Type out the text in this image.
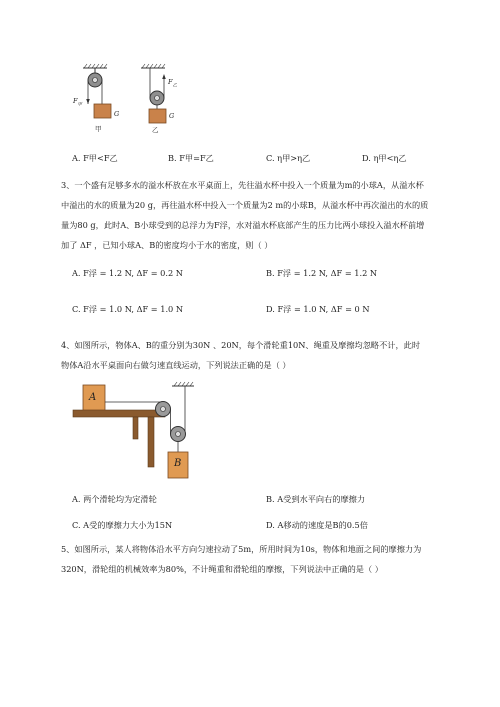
$F_甲$
G
甲
$F_乙$
G
乙
A. F甲<F乙	B. F甲=F乙	C. η甲>η乙	D. η甲<η乙
3、一个盛有足够多水的溢水杯放在水平桌面上，先往溢水杯中投入一个质量为m的小球A，从溢水杯
中溢出的水的质量为20 g，再往溢水杯中投入一个质量为2 m的小球B，从溢水杯中再次溢出的水的质
量为80 g，此时A、B小球受到的总浮力为F浮，水对溢水杯底部产生的压力比两小球投入溢水杯前增
加了 ΔF ，已知小球A、B的密度均小于水的密度，则（ ）
A. F浮 = 1.2 N, ΔF = 0.2 N	B. F浮 = 1.2 N, ΔF = 1.2 N
C. F浮 = 1.0 N, ΔF = 1.0 N	D. F浮 = 1.0 N, ΔF = 0 N
4、如图所示，物体A、B的重分别为30N 、20N，每个滑轮重10N、绳重及摩擦均忽略不计，此时
物体A沿水平桌面向右做匀速直线运动，下列说法正确的是（ ）
A
B
A. 两个滑轮均为定滑轮	B. A受到水平向右的摩擦力
C. A受的摩擦力大小为15N	D. A移动的速度是B的0.5倍
5、如图所示，某人将物体沿水平方向匀速拉动了5m，所用时间为10s，物体和地面之间的摩擦力为
320N，滑轮组的机械效率为80%，不计绳重和滑轮组的摩擦，下列说法中正确的是（ ）
